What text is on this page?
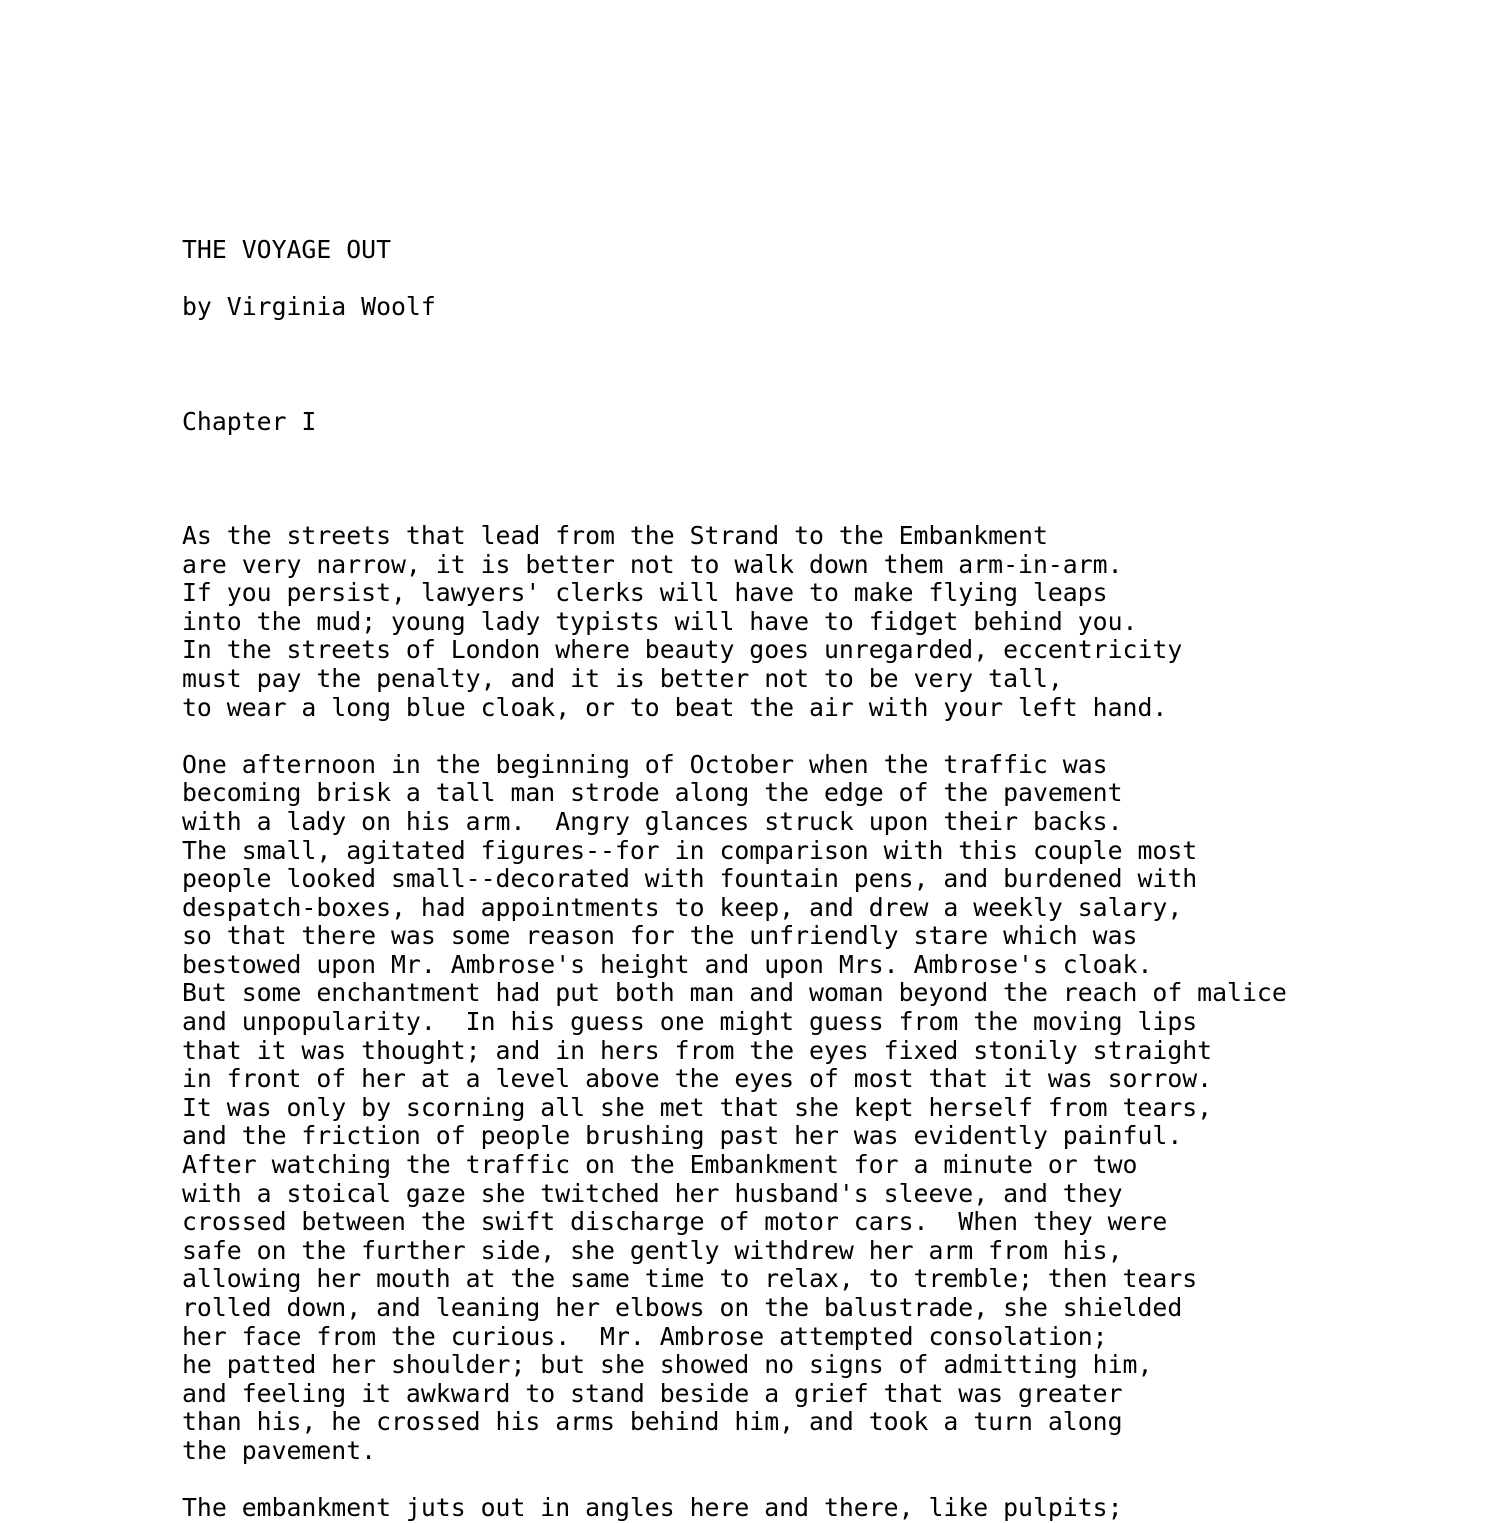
THE VOYAGE OUT
by Virginia Woolf
Chapter I
As the streets that lead from the Strand to the Embankment
are very narrow, it is better not to walk down them arm-in-arm.
If you persist, lawyers' clerks will have to make flying leaps
into the mud; young lady typists will have to fidget behind you.
In the streets of London where beauty goes unregarded, eccentricity
must pay the penalty, and it is better not to be very tall,
to wear a long blue cloak, or to beat the air with your left hand.
One afternoon in the beginning of October when the traffic was
becoming brisk a tall man strode along the edge of the pavement
with a lady on his arm.  Angry glances struck upon their backs.
The small, agitated figures--for in comparison with this couple most
people looked small--decorated with fountain pens, and burdened with
despatch-boxes, had appointments to keep, and drew a weekly salary,
so that there was some reason for the unfriendly stare which was
bestowed upon Mr. Ambrose's height and upon Mrs. Ambrose's cloak.
But some enchantment had put both man and woman beyond the reach of malice
and unpopularity.  In his guess one might guess from the moving lips
that it was thought; and in hers from the eyes fixed stonily straight
in front of her at a level above the eyes of most that it was sorrow.
It was only by scorning all she met that she kept herself from tears,
and the friction of people brushing past her was evidently painful.
After watching the traffic on the Embankment for a minute or two
with a stoical gaze she twitched her husband's sleeve, and they
crossed between the swift discharge of motor cars.  When they were
safe on the further side, she gently withdrew her arm from his,
allowing her mouth at the same time to relax, to tremble; then tears
rolled down, and leaning her elbows on the balustrade, she shielded
her face from the curious.  Mr. Ambrose attempted consolation;
he patted her shoulder; but she showed no signs of admitting him,
and feeling it awkward to stand beside a grief that was greater
than his, he crossed his arms behind him, and took a turn along
the pavement.
The embankment juts out in angles here and there, like pulpits;
